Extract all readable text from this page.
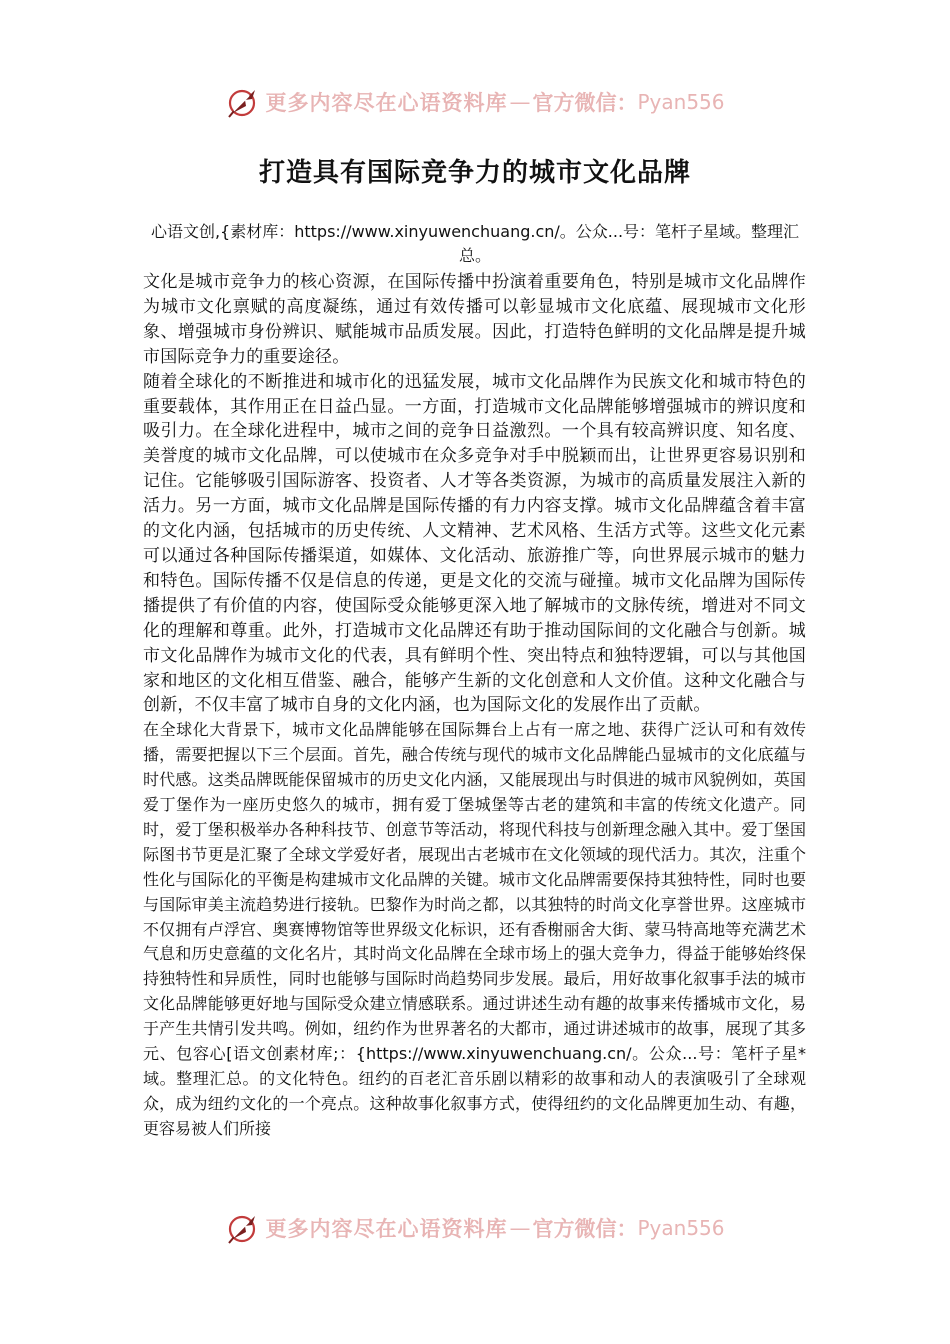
更多内容尽在心语资料库 — 官方微信： Pyan556
打造具有国际竞争力的城市文化品牌
心语文创,{素材库：https://www.xinyuwenchuang.cn/。公众...号：笔杆子星域。整理汇总。

文化是城市竞争力的核心资源，在国际传播中扮演着重要角色，特别是城市文化品牌作为城市文化禀赋的高度凝练，通过有效传播可以彰显城市文化底蕴、展现城市文化形象、增强城市身份辨识、赋能城市品质发展。因此，打造特色鲜明的文化品牌是提升城市国际竞争力的重要途径。

随着全球化的不断推进和城市化的迅猛发展，城市文化品牌作为民族文化和城市特色的重要载体，其作用正在日益凸显。一方面，打造城市文化品牌能够增强城市的辨识度和吸引力。在全球化进程中，城市之间的竞争日益激烈。一个具有较高辨识度、知名度、美誉度的城市文化品牌，可以使城市在众多竞争对手中脱颖而出，让世界更容易识别和记住。它能够吸引国际游客、投资者、人才等各类资源，为城市的高质量发展注入新的活力。另一方面，城市文化品牌是国际传播的有力内容支撑。城市文化品牌蕴含着丰富的文化内涵，包括城市的历史传统、人文精神、艺术风格、生活方式等。这些文化元素可以通过各种国际传播渠道，如媒体、文化活动、旅游推广等，向世界展示城市的魅力和特色。国际传播不仅是信息的传递，更是文化的交流与碰撞。城市文化品牌为国际传播提供了有价值的内容，使国际受众能够更深入地了解城市的文脉传统，增进对不同文化的理解和尊重。此外，打造城市文化品牌还有助于推动国际间的文化融合与创新。城市文化品牌作为城市文化的代表，具有鲜明个性、突出特点和独特逻辑，可以与其他国家和地区的文化相互借鉴、融合，能够产生新的文化创意和人文价值。这种文化融合与创新，不仅丰富了城市自身的文化内涵，也为国际文化的发展作出了贡献。

在全球化大背景下，城市文化品牌能够在国际舞台上占有一席之地、获得广泛认可和有效传播，需要把握以下三个层面。首先，融合传统与现代的城市文化品牌能凸显城市的文化底蕴与时代感。这类品牌既能保留城市的历史文化内涵，又能展现出与时俱进的城市风貌例如，英国爱丁堡作为一座历史悠久的城市，拥有爱丁堡城堡等古老的建筑和丰富的传统文化遗产。同时，爱丁堡积极举办各种科技节、创意节等活动，将现代科技与创新理念融入其中。爱丁堡国际图书节更是汇聚了全球文学爱好者，展现出古老城市在文化领域的现代活力。其次，注重个性化与国际化的平衡是构建城市文化品牌的关键。城市文化品牌需要保持其独特性，同时也要与国际审美主流趋势进行接轨。巴黎作为时尚之都，以其独特的时尚文化享誉世界。这座城市不仅拥有卢浮宫、奥赛博物馆等世界级文化标识，还有香榭丽舍大街、蒙马特高地等充满艺术气息和历史意蕴的文化名片，其时尚文化品牌在全球市场上的强大竞争力，得益于能够始终保持独特性和异质性，同时也能够与国际时尚趋势同步发展。最后，用好故事化叙事手法的城市文化品牌能够更好地与国际受众建立情感联系。通过讲述生动有趣的故事来传播城市文化，易于产生共情引发共鸣。例如，纽约作为世界著名的大都市，通过讲述城市的故事，展现了其多元、包容心[语文创素材库;：{https://www.xinyuwenchuang.cn/。公众...号：笔杆子星*域。整理汇总。的文化特色。纽约的百老汇音乐剧以精彩的故事和动人的表演吸引了全球观众，成为纽约文化的一个亮点。这种故事化叙事方式，使得纽约的文化品牌更加生动、有趣，更容易被人们所接

更多内容尽在心语资料库 — 官方微信： Pyan556
